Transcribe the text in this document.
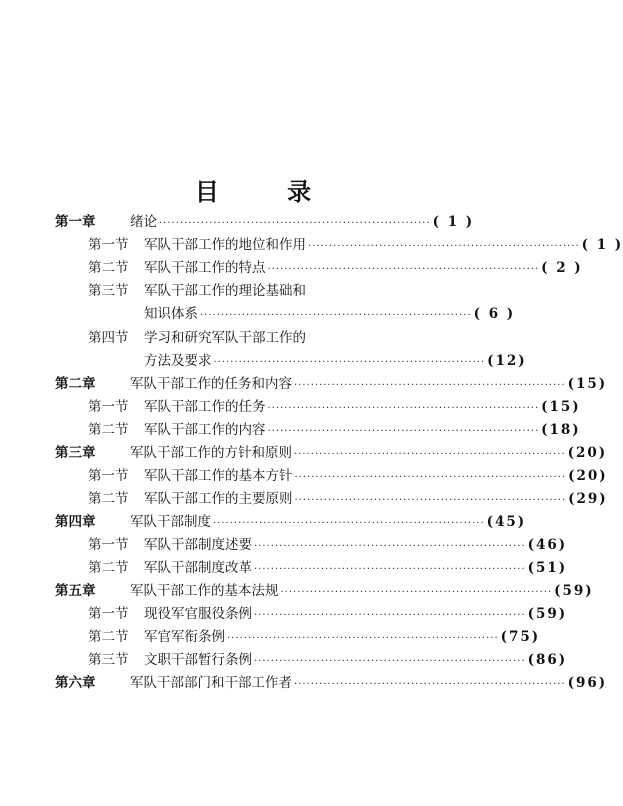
目 录
第一章	绪论 ································································· ( 1 )
第一节	军队干部工作的地位和作用 ································································· ( 1 )
第二节	军队干部工作的特点 ································································· ( 2 )
第三节	军队干部工作的理论基础和
知识体系 ································································· ( 6 )
第四节	学习和研究军队干部工作的
方法及要求 ································································· (12)
第二章	军队干部工作的任务和内容 ································································· (15)
第一节	军队干部工作的任务 ································································· (15)
第二节	军队干部工作的内容 ································································· (18)
第三章	军队干部工作的方针和原则 ································································· (20)
第一节	军队干部工作的基本方针 ································································· (20)
第二节	军队干部工作的主要原则 ································································· (29)
第四章	军队干部制度 ································································· (45)
第一节	军队干部制度述要 ································································· (46)
第二节	军队干部制度改革 ································································· (51)
第五章	军队干部工作的基本法规 ································································· (59)
第一节	现役军官服役条例 ································································· (59)
第二节	军官军衔条例 ································································· (75)
第三节	文职干部暂行条例 ································································· (86)
第六章	军队干部部门和干部工作者 ································································· (96)
